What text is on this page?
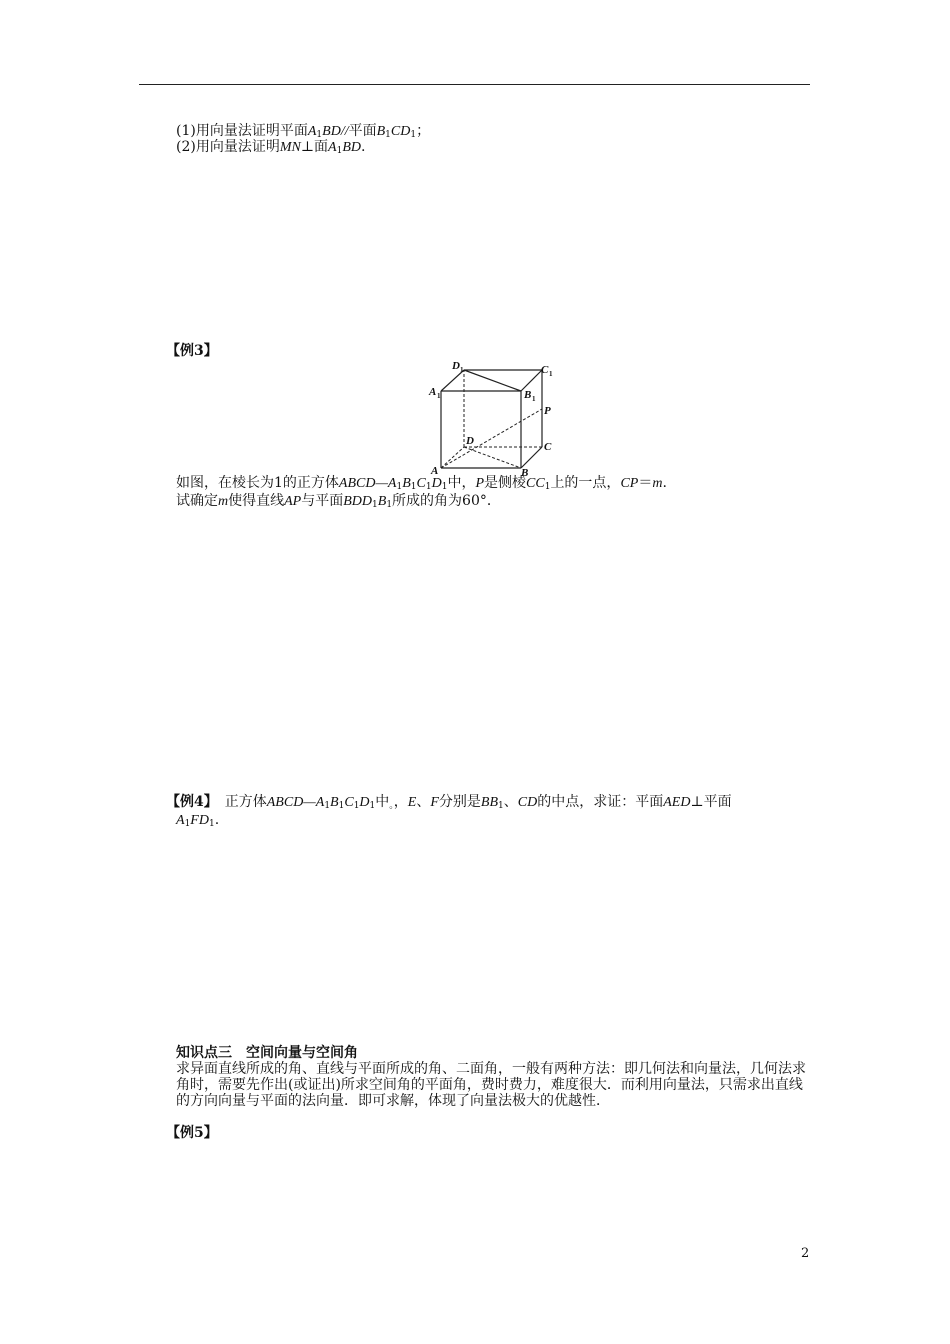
(1)用向量法证明平面$A_1BD//$平面$B_1CD_1$；
(2)用向量法证明MN⊥面$A_1BD$.
【例3】
A	B
C
D
P
A	B
C
D
1	1
1
1
如图，在棱长为1的正方体$ABCD—A_1B_1C_1D_1$中，P是侧棱$CC_1$上的一点，CP＝m.
试确定m使得直线AP与平面$BDD_1B_1$所成的角为60°．
【例4】　 正方体$ABCD—A_1B_1C_1D_1$中$_。$，E、F分别是$BB_1$、CD的中点，求证：平面AED⊥平面
$A_1FD_1$.
知识点三　空间向量与空间角
求异面直线所成的角、直线与平面所成的角、二面角，一般有两种方法：即几何法和向量法，几何法求角时，需要先作出(或证出)所求空间角的平面角，费时费力，难度很大．而利用向量法，只需求出直线的方向向量与平面的法向量．即可求解，体现了向量法极大的优越性．
【例5】
2
